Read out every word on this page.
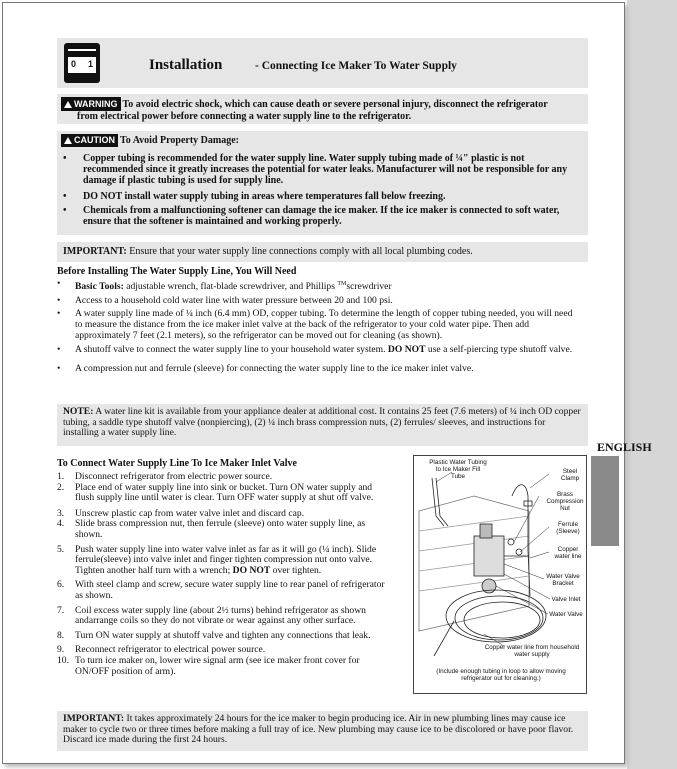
ENGLISH
0 1	Installation	- Connecting Ice Maker To Water Supply
WARNING To avoid electric shock, which can cause death or severe personal injury, disconnect the refrigerator
from electrical power before connecting a water supply line to the refrigerator.
CAUTION To Avoid Property Damage:
• Copper tubing is recommended for the water supply line. Water supply tubing made of ¼" plastic is not recommended since it greatly increases the potential for water leaks. Manufacturer will not be responsible for any damage if plastic tubing is used for supply line.
• DO NOT install water supply tubing in areas where temperatures fall below freezing.
• Chemicals from a malfunctioning softener can damage the ice maker. If the ice maker is connected to soft water, ensure that the softener is maintained and working properly.
IMPORTANT: Ensure that your water supply line connections comply with all local plumbing codes.
Before Installing The Water Supply Line, You Will Need
• Basic Tools: adjustable wrench, flat-blade screwdriver, and Phillips ™screwdriver
• Access to a household cold water line with water pressure between 20 and 100 psi.
• A water supply line made of ¼ inch (6.4 mm) OD, copper tubing. To determine the length of copper tubing needed, you will need to measure the distance from the ice maker inlet valve at the back of the refrigerator to your cold water pipe. Then add approximately 7 feet (2.1 meters), so the refrigerator can be moved out for cleaning (as shown).
• A shutoff valve to connect the water supply line to your household water system. DO NOT use a self-piercing type shutoff valve.
• A compression nut and ferrule (sleeve) for connecting the water supply line to the ice maker inlet valve.
NOTE: A water line kit is available from your appliance dealer at additional cost. It contains 25 feet (7.6 meters) of ¼ inch OD copper tubing, a saddle type shutoff valve (nonpiercing), (2) ¼ inch brass compression nuts, (2) ferrules/ sleeves, and instructions for installing a water supply line.
To Connect Water Supply Line To Ice Maker Inlet Valve
1. Disconnect refrigerator from electric power source.
2. Place end of water supply line into sink or bucket. Turn ON water supply and flush supply line until water is clear. Turn OFF water supply at shut off valve.
3. Unscrew plastic cap from water valve inlet and discard cap.
4. Slide brass compression nut, then ferrule (sleeve) onto water supply line, as shown.
5. Push water supply line into water valve inlet as far as it will go (¼ inch). Slide ferrule(sleeve) into valve inlet and finger tighten compression nut onto valve. Tighten another half turn with a wrench; DO NOT over tighten.
6. With steel clamp and screw, secure water supply line to rear panel of refrigerator as shown.
7. Coil excess water supply line (about 2½ turns) behind refrigerator as shown andarrange coils so they do not vibrate or wear against any other surface.
8. Turn ON water supply at shutoff valve and tighten any connections that leak.
9. Reconnect refrigerator to electrical power source.
10. To turn ice maker on, lower wire signal arm (see ice maker front cover for ON/OFF position of arm).
Plastic Water Tubing to Ice Maker Fill Tube
Steel Clamp
Brass Compression Nut
Ferrule (Sleeve)
Copper water line
Water Valve Bracket
Valve Inlet
Water Valve
Copper water line from household water supply
(Include enough tubing in loop to allow moving refrigerator out for cleaning.)
IMPORTANT: It takes approximately 24 hours for the ice maker to begin producing ice. Air in new plumbing lines may cause ice maker to cycle two or three times before making a full tray of ice. New plumbing may cause ice to be discolored or have poor flavor. Discard ice made during the first 24 hours.
